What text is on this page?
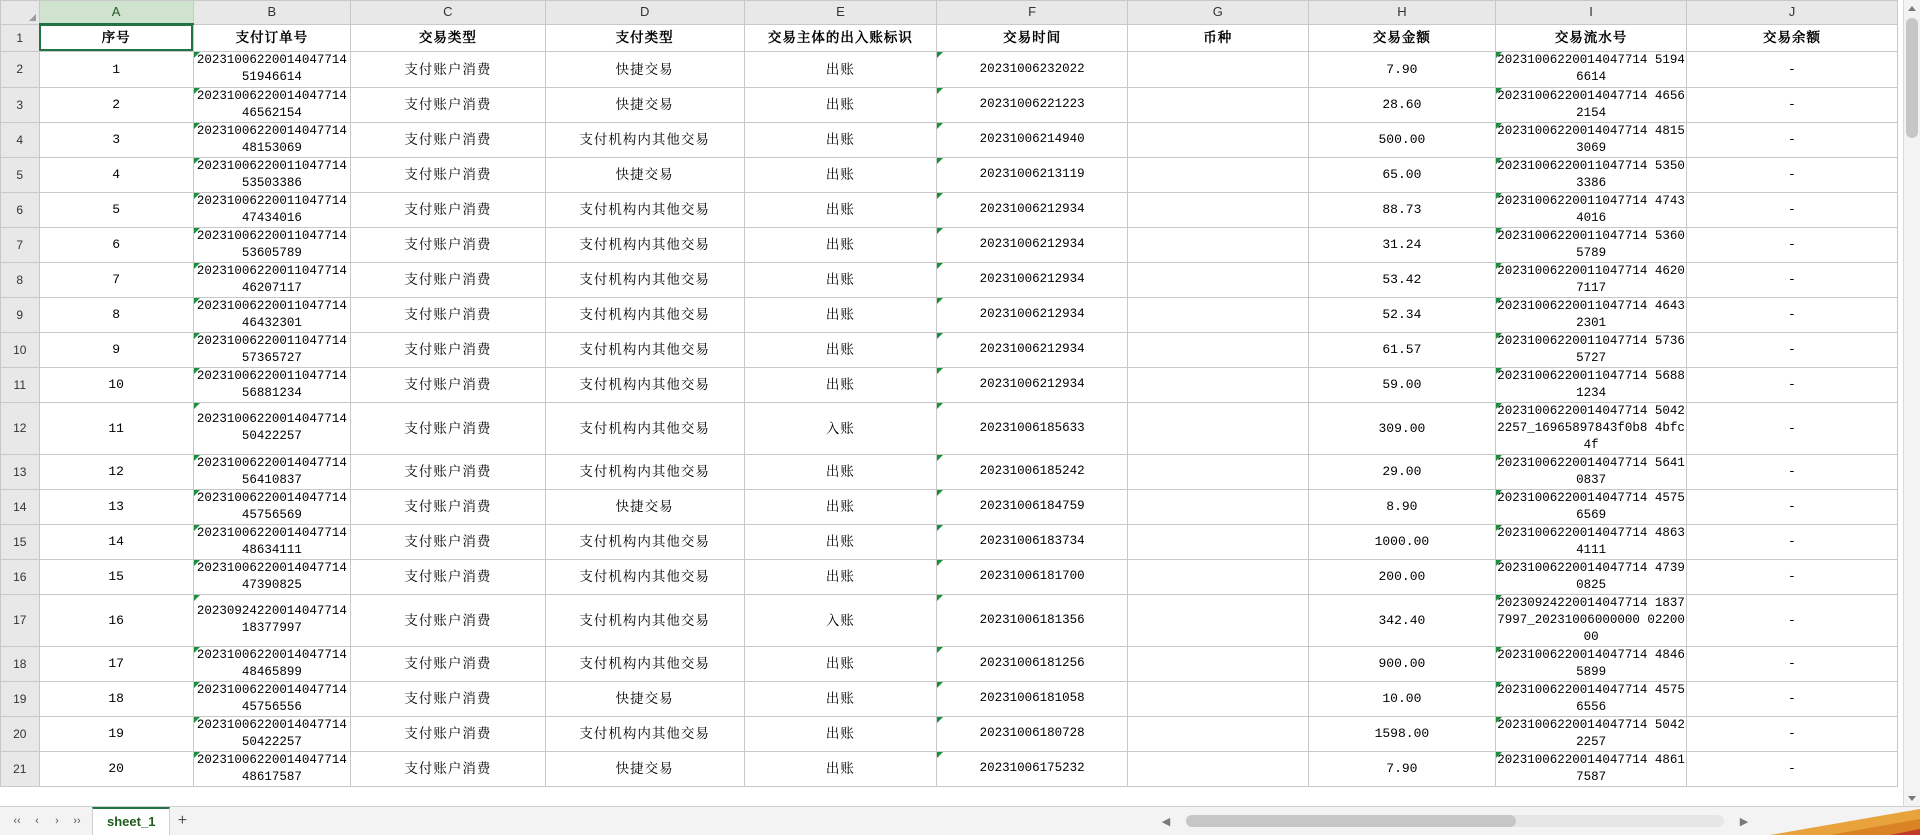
	A	B	C	D	E	F	G	H	I	J
1	序号	支付订单号	交易类型	支付类型	交易主体的出入账标识	交易时间	币种	交易金额	交易流水号	交易余额
2	1	20231006220014047714 51946614	支付账户消费	快捷交易	出账	20231006232022		7.90	20231006220014047714 51946614	-
3	2	20231006220014047714 46562154	支付账户消费	快捷交易	出账	20231006221223		28.60	20231006220014047714 46562154	-
4	3	20231006220014047714 48153069	支付账户消费	支付机构内其他交易	出账	20231006214940		500.00	20231006220014047714 48153069	-
5	4	20231006220011047714 53503386	支付账户消费	快捷交易	出账	20231006213119		65.00	20231006220011047714 53503386	-
6	5	20231006220011047714 47434016	支付账户消费	支付机构内其他交易	出账	20231006212934		88.73	20231006220011047714 47434016	-
7	6	20231006220011047714 53605789	支付账户消费	支付机构内其他交易	出账	20231006212934		31.24	20231006220011047714 53605789	-
8	7	20231006220011047714 46207117	支付账户消费	支付机构内其他交易	出账	20231006212934		53.42	20231006220011047714 46207117	-
9	8	20231006220011047714 46432301	支付账户消费	支付机构内其他交易	出账	20231006212934		52.34	20231006220011047714 46432301	-
10	9	20231006220011047714 57365727	支付账户消费	支付机构内其他交易	出账	20231006212934		61.57	20231006220011047714 57365727	-
11	10	20231006220011047714 56881234	支付账户消费	支付机构内其他交易	出账	20231006212934		59.00	20231006220011047714 56881234	-
12	11	20231006220014047714 50422257	支付账户消费	支付机构内其他交易	入账	20231006185633		309.00	20231006220014047714 50422257_16965897843f0b8 4bfc4f	-
13	12	20231006220014047714 56410837	支付账户消费	支付机构内其他交易	出账	20231006185242		29.00	20231006220014047714 56410837	-
14	13	20231006220014047714 45756569	支付账户消费	快捷交易	出账	20231006184759		8.90	20231006220014047714 45756569	-
15	14	20231006220014047714 48634111	支付账户消费	支付机构内其他交易	出账	20231006183734		1000.00	20231006220014047714 48634111	-
16	15	20231006220014047714 47390825	支付账户消费	支付机构内其他交易	出账	20231006181700		200.00	20231006220014047714 47390825	-
17	16	20230924220014047714 18377997	支付账户消费	支付机构内其他交易	入账	20231006181356		342.40	20230924220014047714 18377997_20231006000000 0220000	-
18	17	20231006220014047714 48465899	支付账户消费	支付机构内其他交易	出账	20231006181256		900.00	20231006220014047714 48465899	-
19	18	20231006220014047714 45756556	支付账户消费	快捷交易	出账	20231006181058		10.00	20231006220014047714 45756556	-
20	19	20231006220014047714 50422257	支付账户消费	支付机构内其他交易	出账	20231006180728		1598.00	20231006220014047714 50422257	-
21	20	20231006220014047714 48617587	支付账户消费	快捷交易	出账	20231006175232		7.90	20231006220014047714 48617587	-
‹‹	‹	›	››	sheet_1	+	◀	▶
